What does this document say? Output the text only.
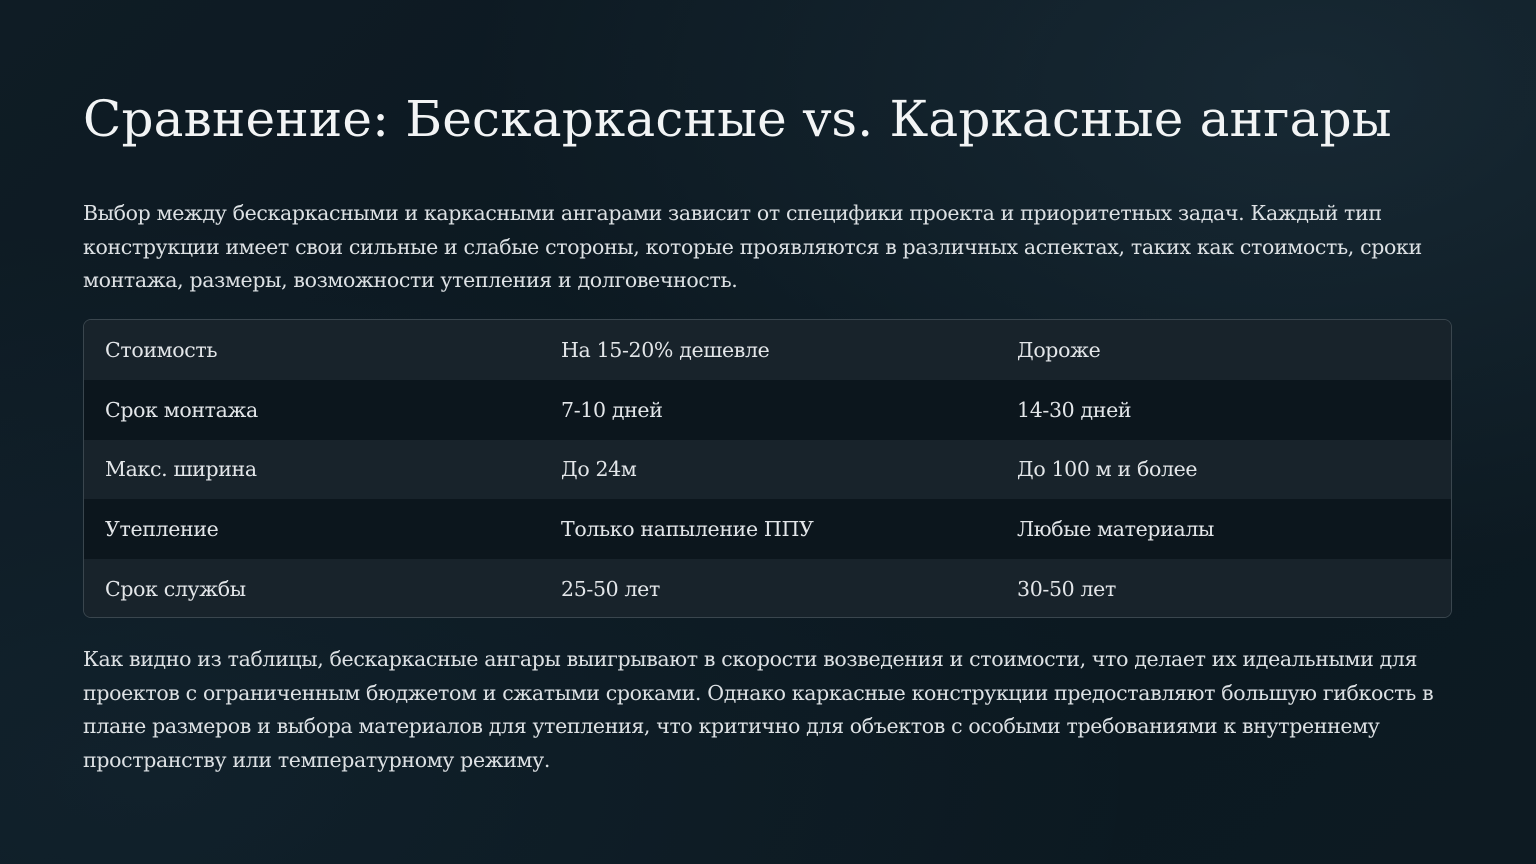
Сравнение: Бескаркасные vs. Каркасные ангары

Выбор между бескаркасными и каркасными ангарами зависит от специфики проекта и приоритетных задач. Каждый тип конструкции имеет свои сильные и слабые стороны, которые проявляются в различных аспектах, таких как стоимость, сроки монтажа, размеры, возможности утепления и долговечность.

Стоимость	На 15-20% дешевле	Дороже
Срок монтажа	7-10 дней	14-30 дней
Макс. ширина	До 24м	До 100 м и более
Утепление	Только напыление ППУ	Любые материалы
Срок службы	25-50 лет	30-50 лет

Как видно из таблицы, бескаркасные ангары выигрывают в скорости возведения и стоимости, что делает их идеальными для проектов с ограниченным бюджетом и сжатыми сроками. Однако каркасные конструкции предоставляют большую гибкость в плане размеров и выбора материалов для утепления, что критично для объектов с особыми требованиями к внутреннему пространству или температурному режиму.
